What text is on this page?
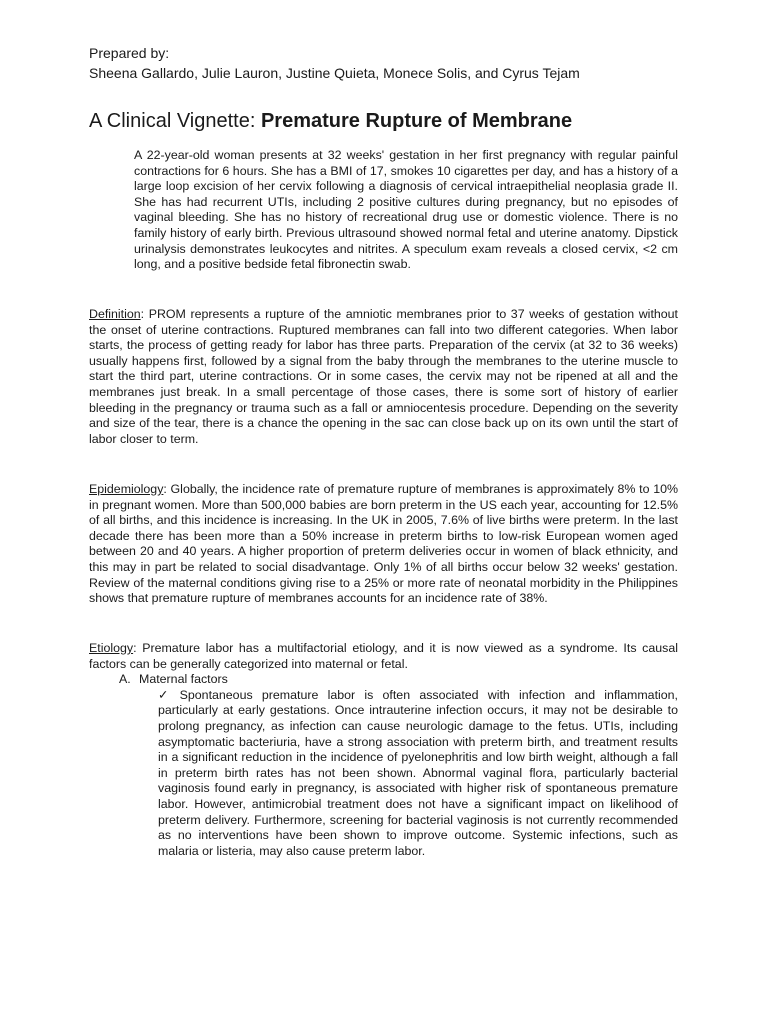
Prepared by:
Sheena Gallardo, Julie Lauron, Justine Quieta, Monece Solis, and Cyrus Tejam
A Clinical Vignette: Premature Rupture of Membrane
A 22-year-old woman presents at 32 weeks' gestation in her first pregnancy with regular painful contractions for 6 hours. She has a BMI of 17, smokes 10 cigarettes per day, and has a history of a large loop excision of her cervix following a diagnosis of cervical intraepithelial neoplasia grade II. She has had recurrent UTIs, including 2 positive cultures during pregnancy, but no episodes of vaginal bleeding. She has no history of recreational drug use or domestic violence. There is no family history of early birth. Previous ultrasound showed normal fetal and uterine anatomy. Dipstick urinalysis demonstrates leukocytes and nitrites. A speculum exam reveals a closed cervix, <2 cm long, and a positive bedside fetal fibronectin swab.
Definition: PROM represents a rupture of the amniotic membranes prior to 37 weeks of gestation without the onset of uterine contractions. Ruptured membranes can fall into two different categories. When labor starts, the process of getting ready for labor has three parts. Preparation of the cervix (at 32 to 36 weeks) usually happens first, followed by a signal from the baby through the membranes to the uterine muscle to start the third part, uterine contractions. Or in some cases, the cervix may not be ripened at all and the membranes just break. In a small percentage of those cases, there is some sort of history of earlier bleeding in the pregnancy or trauma such as a fall or amniocentesis procedure. Depending on the severity and size of the tear, there is a chance the opening in the sac can close back up on its own until the start of labor closer to term.
Epidemiology: Globally, the incidence rate of premature rupture of membranes is approximately 8% to 10% in pregnant women. More than 500,000 babies are born preterm in the US each year, accounting for 12.5% of all births, and this incidence is increasing. In the UK in 2005, 7.6% of live births were preterm. In the last decade there has been more than a 50% increase in preterm births to low-risk European women aged between 20 and 40 years. A higher proportion of preterm deliveries occur in women of black ethnicity, and this may in part be related to social disadvantage. Only 1% of all births occur below 32 weeks' gestation. Review of the maternal conditions giving rise to a 25% or more rate of neonatal morbidity in the Philippines shows that premature rupture of membranes accounts for an incidence rate of 38%.
Etiology: Premature labor has a multifactorial etiology, and it is now viewed as a syndrome. Its causal factors can be generally categorized into maternal or fetal.
A. Maternal factors
✓ Spontaneous premature labor is often associated with infection and inflammation, particularly at early gestations. Once intrauterine infection occurs, it may not be desirable to prolong pregnancy, as infection can cause neurologic damage to the fetus. UTIs, including asymptomatic bacteriuria, have a strong association with preterm birth, and treatment results in a significant reduction in the incidence of pyelonephritis and low birth weight, although a fall in preterm birth rates has not been shown. Abnormal vaginal flora, particularly bacterial vaginosis found early in pregnancy, is associated with higher risk of spontaneous premature labor. However, antimicrobial treatment does not have a significant impact on likelihood of preterm delivery. Furthermore, screening for bacterial vaginosis is not currently recommended as no interventions have been shown to improve outcome. Systemic infections, such as malaria or listeria, may also cause preterm labor.
